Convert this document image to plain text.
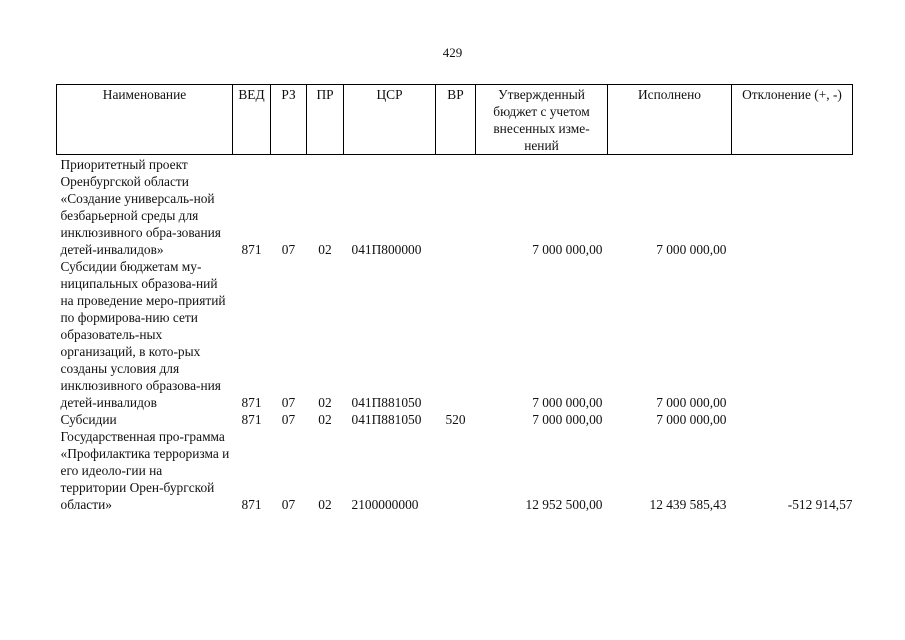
429
Наименование	ВЕД	РЗ	ПР	ЦСР	ВР	Утвержденный бюджет с учетом внесенных изме-нений	Исполнено	Отклонение (+, -)

Приоритетный проект Оренбургской области «Создание универсаль-ной безбарьерной среды для инклюзивного обра-зования детей-инвалидов»	871	07	02	041П800000		7 000 000,00	7 000 000,00	
Субсидии бюджетам му-ниципальных образова-ний на проведение меро-приятий по формирова-нию сети образователь-ных организаций, в кото-рых созданы условия для инклюзивного образова-ния детей-инвалидов	871	07	02	041П881050		7 000 000,00	7 000 000,00	
Субсидии	871	07	02	041П881050	520	7 000 000,00	7 000 000,00	
Государственная про-грамма «Профилактика терроризма и его идеоло-гии на территории Орен-бургской области»	871	07	02	2100000000		12 952 500,00	12 439 585,43	-512 914,57
